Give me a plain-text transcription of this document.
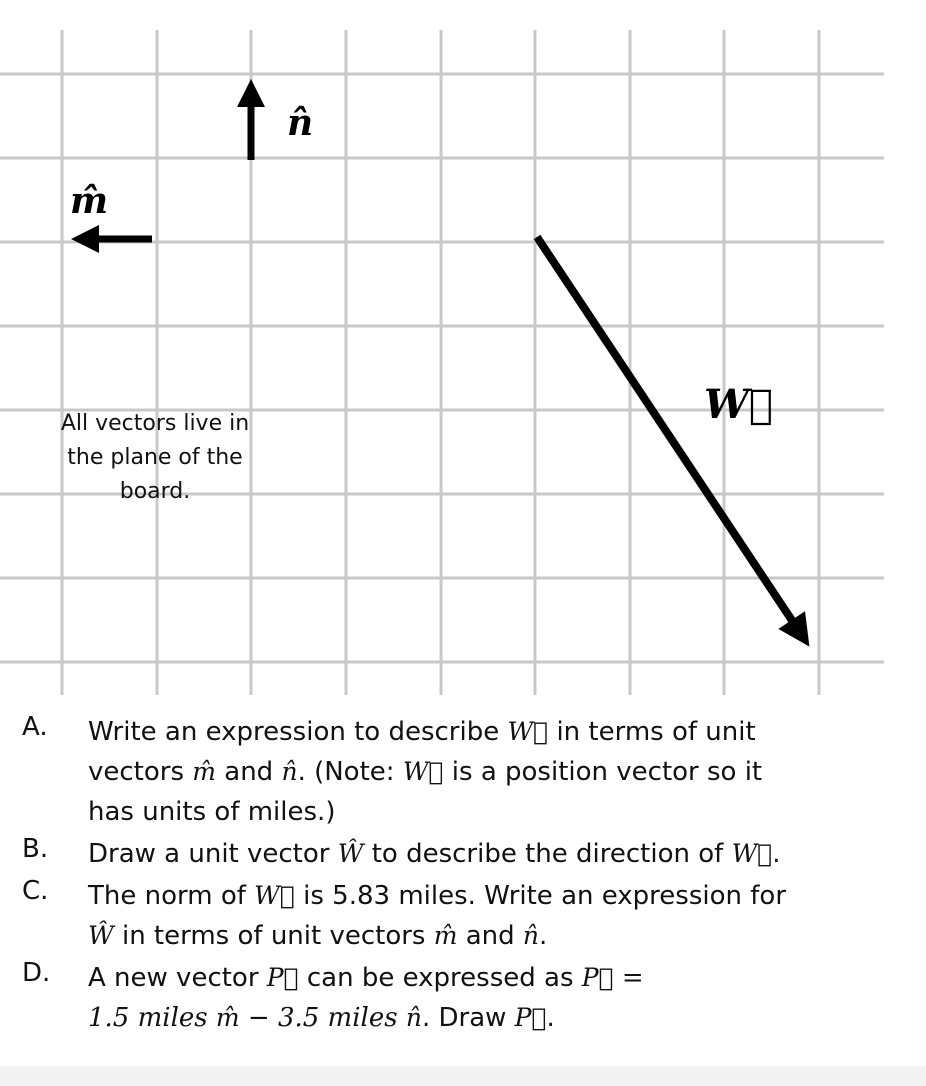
n̂
m̂
W⃗
All vectors live in
the plane of the
board.
A. Write an expression to describe W⃗ in terms of unit
vectors m̂ and n̂. (Note: W⃗ is a position vector so it
has units of miles.)
B. Draw a unit vector Ŵ to describe the direction of W⃗.
C. The norm of W⃗ is 5.83 miles. Write an expression for
Ŵ in terms of unit vectors m̂ and n̂.
D. A new vector P⃗ can be expressed as P⃗ =
1.5 miles m̂ − 3.5 miles n̂. Draw P⃗.
